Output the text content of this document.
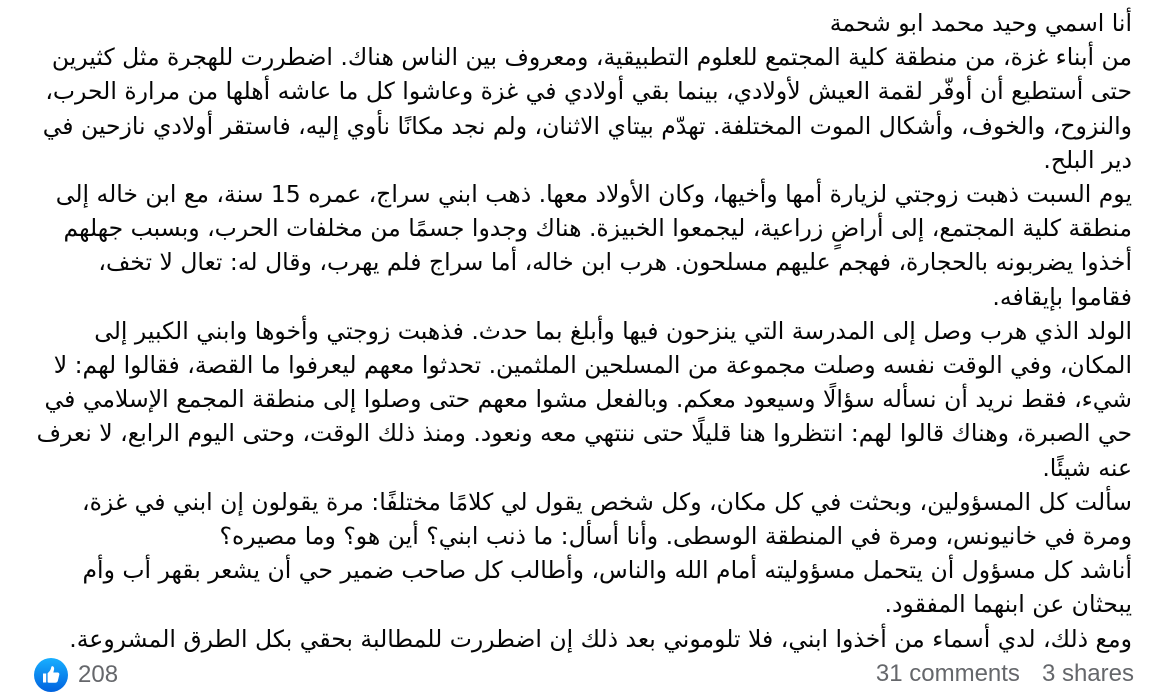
أنا اسمي وحيد محمد ابو شحمة

من أبناء غزة، من منطقة كلية المجتمع للعلوم التطبيقية، ومعروف بين الناس هناك. اضطررت للهجرة مثل كثيرين حتى أستطيع أن أوفّر لقمة العيش لأولادي، بينما بقي أولادي في غزة وعاشوا كل ما عاشه أهلها من مرارة الحرب، والنزوح، والخوف، وأشكال الموت المختلفة. تهدّم بيتاي الاثنان، ولم نجد مكانًا نأوي إليه، فاستقر أولادي نازحين في دير البلح.

يوم السبت ذهبت زوجتي لزيارة أمها وأخيها، وكان الأولاد معها. ذهب ابني سراج، عمره 15 سنة، مع ابن خاله إلى منطقة كلية المجتمع، إلى أراضٍ زراعية، ليجمعوا الخبيزة. هناك وجدوا جسمًا من مخلفات الحرب، وبسبب جهلهم أخذوا يضربونه بالحجارة، فهجم عليهم مسلحون. هرب ابن خاله، أما سراج فلم يهرب، وقال له: تعال لا تخف، فقاموا بإيقافه.

الولد الذي هرب وصل إلى المدرسة التي ينزحون فيها وأبلغ بما حدث. فذهبت زوجتي وأخوها وابني الكبير إلى المكان، وفي الوقت نفسه وصلت مجموعة من المسلحين الملثمين. تحدثوا معهم ليعرفوا ما القصة، فقالوا لهم: لا شيء، فقط نريد أن نسأله سؤالًا وسيعود معكم. وبالفعل مشوا معهم حتى وصلوا إلى منطقة المجمع الإسلامي في حي الصبرة، وهناك قالوا لهم: انتظروا هنا قليلًا حتى ننتهي معه ونعود. ومنذ ذلك الوقت، وحتى اليوم الرابع، لا نعرف عنه شيئًا.

سألت كل المسؤولين، وبحثت في كل مكان، وكل شخص يقول لي كلامًا مختلفًا: مرة يقولون إن ابني في غزة، ومرة في خانيونس، ومرة في المنطقة الوسطى. وأنا أسأل: ما ذنب ابني؟ أين هو؟ وما مصيره؟

أناشد كل مسؤول أن يتحمل مسؤوليته أمام الله والناس، وأطالب كل صاحب ضمير حي أن يشعر بقهر أب وأم يبحثان عن ابنهما المفقود.

ومع ذلك، لدي أسماء من أخذوا ابني، فلا تلوموني بعد ذلك إن اضطررت للمطالبة بحقي بكل الطرق المشروعة.

208	31 comments 3 shares
